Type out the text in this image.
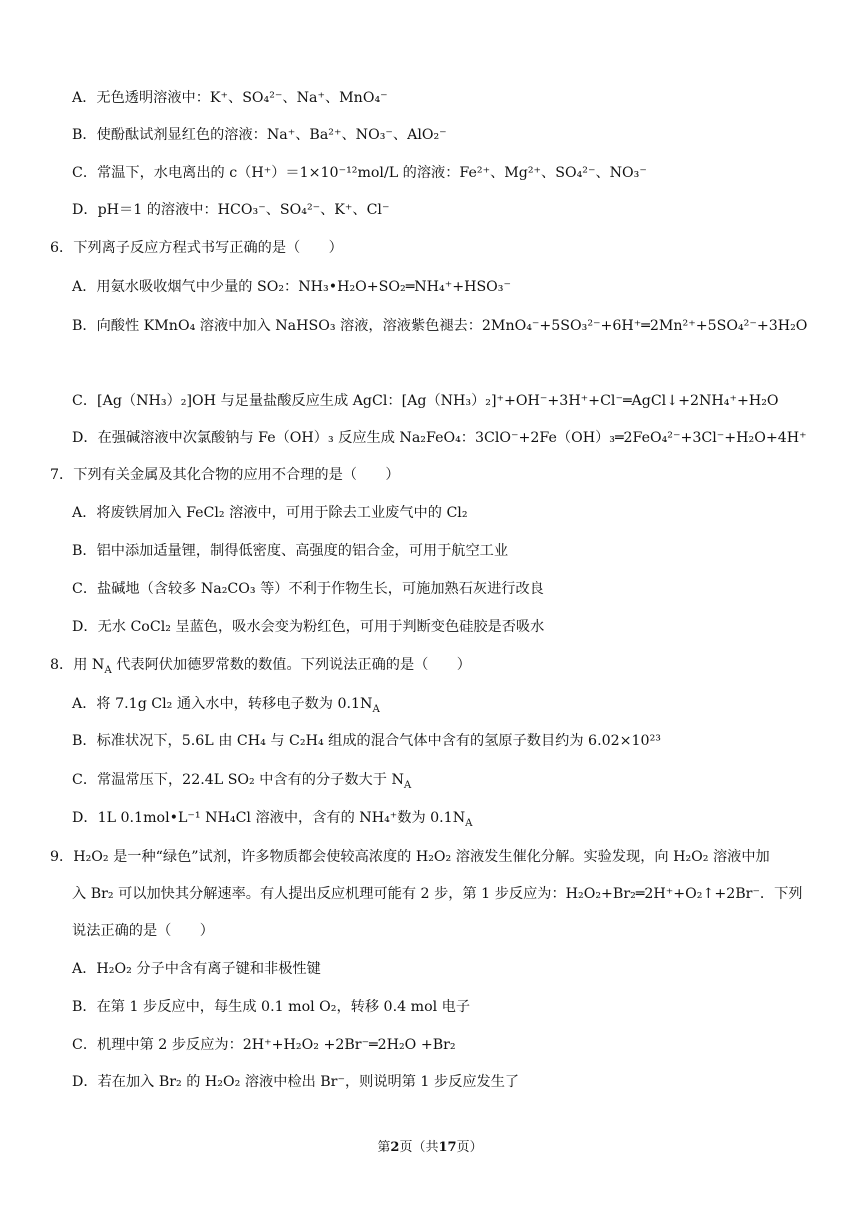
A．无色透明溶液中：K⁺、SO₄²⁻、Na⁺、MnO₄⁻
B．使酚酞试剂显红色的溶液：Na⁺、Ba²⁺、NO₃⁻、AlO₂⁻
C．常温下，水电离出的 c（H⁺）＝1×10⁻¹²mol/L 的溶液：Fe²⁺、Mg²⁺、SO₄²⁻、NO₃⁻
D．pH＝1 的溶液中：HCO₃⁻、SO₄²⁻、K⁺、Cl⁻
6．下列离子反应方程式书写正确的是（　　）
A．用氨水吸收烟气中少量的 SO₂：NH₃•H₂O+SO₂═NH₄⁺+HSO₃⁻
B．向酸性 KMnO₄ 溶液中加入 NaHSO₃ 溶液，溶液紫色褪去：2MnO₄⁻+5SO₃²⁻+6H⁺═2Mn²⁺+5SO₄²⁻+3H₂O
C．[Ag（NH₃）₂]OH 与足量盐酸反应生成 AgCl：[Ag（NH₃）₂]⁺+OH⁻+3H⁺+Cl⁻═AgCl↓+2NH₄⁺+H₂O
D．在强碱溶液中次氯酸钠与 Fe（OH）₃ 反应生成 Na₂FeO₄：3ClO⁻+2Fe（OH）₃═2FeO₄²⁻+3Cl⁻+H₂O+4H⁺
7．下列有关金属及其化合物的应用不合理的是（　　）
A．将废铁屑加入 FeCl₂ 溶液中，可用于除去工业废气中的 Cl₂
B．铝中添加适量锂，制得低密度、高强度的铝合金，可用于航空工业
C．盐碱地（含较多 Na₂CO₃ 等）不利于作物生长，可施加熟石灰进行改良
D．无水 CoCl₂ 呈蓝色，吸水会变为粉红色，可用于判断变色硅胶是否吸水
8．用 $N_A$ 代表阿伏加德罗常数的数值。下列说法正确的是（　　）
A．将 7.1g Cl₂ 通入水中，转移电子数为 $0.1N_A$
B．标准状况下，5.6L 由 CH₄ 与 C₂H₄ 组成的混合气体中含有的氢原子数目约为 6.02×10²³
C．常温常压下，22.4L SO₂ 中含有的分子数大于 $N_A$
D．1L 0.1mol•L⁻¹ NH₄Cl 溶液中，含有的 NH₄⁺数为 $0.1N_A$
9．H₂O₂ 是一种“绿色”试剂，许多物质都会使较高浓度的 H₂O₂ 溶液发生催化分解。实验发现，向 H₂O₂ 溶液中加
入 Br₂ 可以加快其分解速率。有人提出反应机理可能有 2 步，第 1 步反应为：H₂O₂+Br₂═2H⁺+O₂↑+2Br⁻．下列
说法正确的是（　　）
A．H₂O₂ 分子中含有离子键和非极性键
B．在第 1 步反应中，每生成 0.1 mol O₂，转移 0.4 mol 电子
C．机理中第 2 步反应为：2H⁺+H₂O₂ +2Br⁻═2H₂O +Br₂
D．若在加入 Br₂ 的 H₂O₂ 溶液中检出 Br⁻，则说明第 1 步反应发生了
第2页（共17页）
